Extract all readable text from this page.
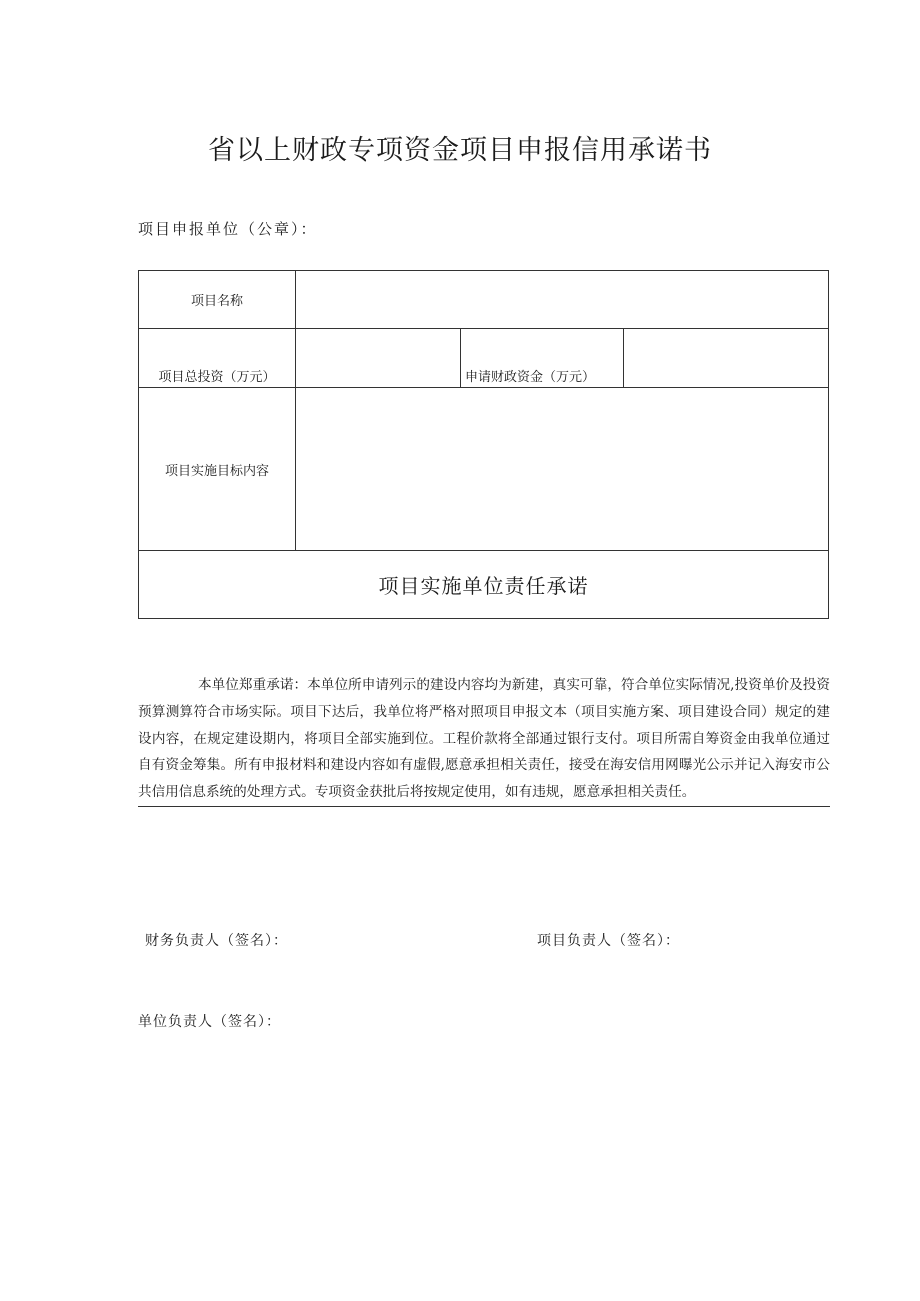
省以上财政专项资金项目申报信用承诺书
项目申报单位（公章）：
项目名称			
项目总投资（万元）		申请财政资金（万元）	
项目实施目标内容			
项目实施单位责任承诺			
本单位郑重承诺：本单位所申请列示的建设内容均为新建，真实可靠，符合单位实际情况,投资单价及投资预算测算符合市场实际。项目下达后，我单位将严格对照项目申报文本（项目实施方案、项目建设合同）规定的建设内容，在规定建设期内，将项目全部实施到位。工程价款将全部通过银行支付。项目所需自筹资金由我单位通过自有资金筹集。所有申报材料和建设内容如有虚假,愿意承担相关责任，接受在海安信用网曝光公示并记入海安市公共信用信息系统的处理方式。专项资金获批后将按规定使用，如有违规，愿意承担相关责任。
财务负责人（签名）：	项目负责人（签名）：
单位负责人（签名）：
